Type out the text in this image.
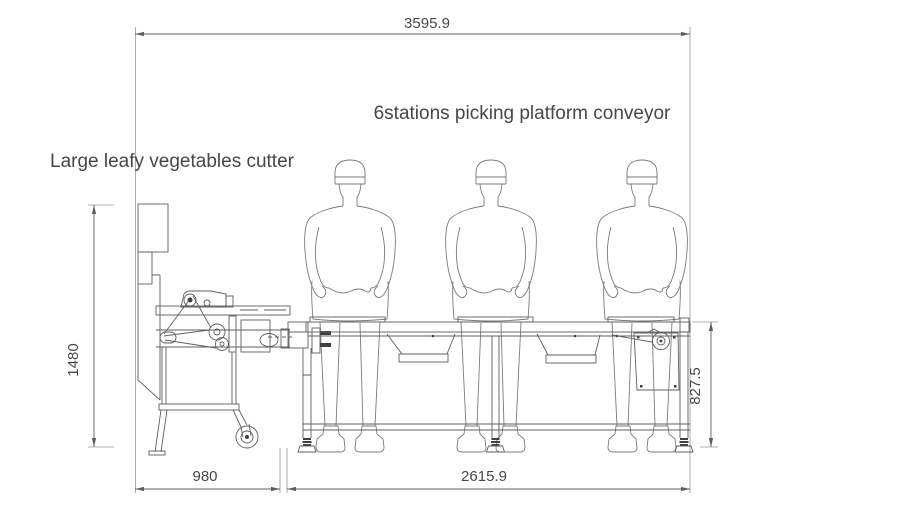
3595.9
1480
827.5
980	2615.9
Large leafy vegetables cutter
6stations picking platform conveyor
